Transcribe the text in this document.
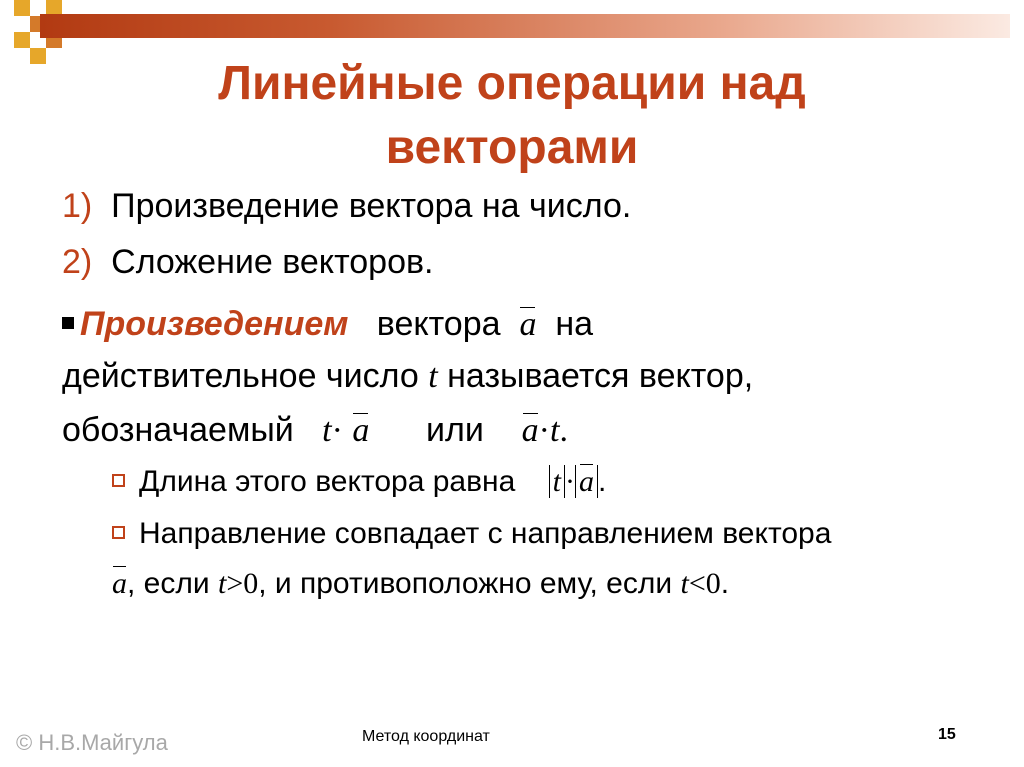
Линейные операции над
векторами
1) Произведение вектора на число.
2) Сложение векторов.
Произведением вектора a на
действительное число t называется вектор,
обозначаемый t· a или a·t.
Длина этого вектора равна t · a .
Направление совпадает с направлением вектора
a, если t>0, и противоположно ему, если t<0.
© Н.В.Майгула	Метод координат	15
